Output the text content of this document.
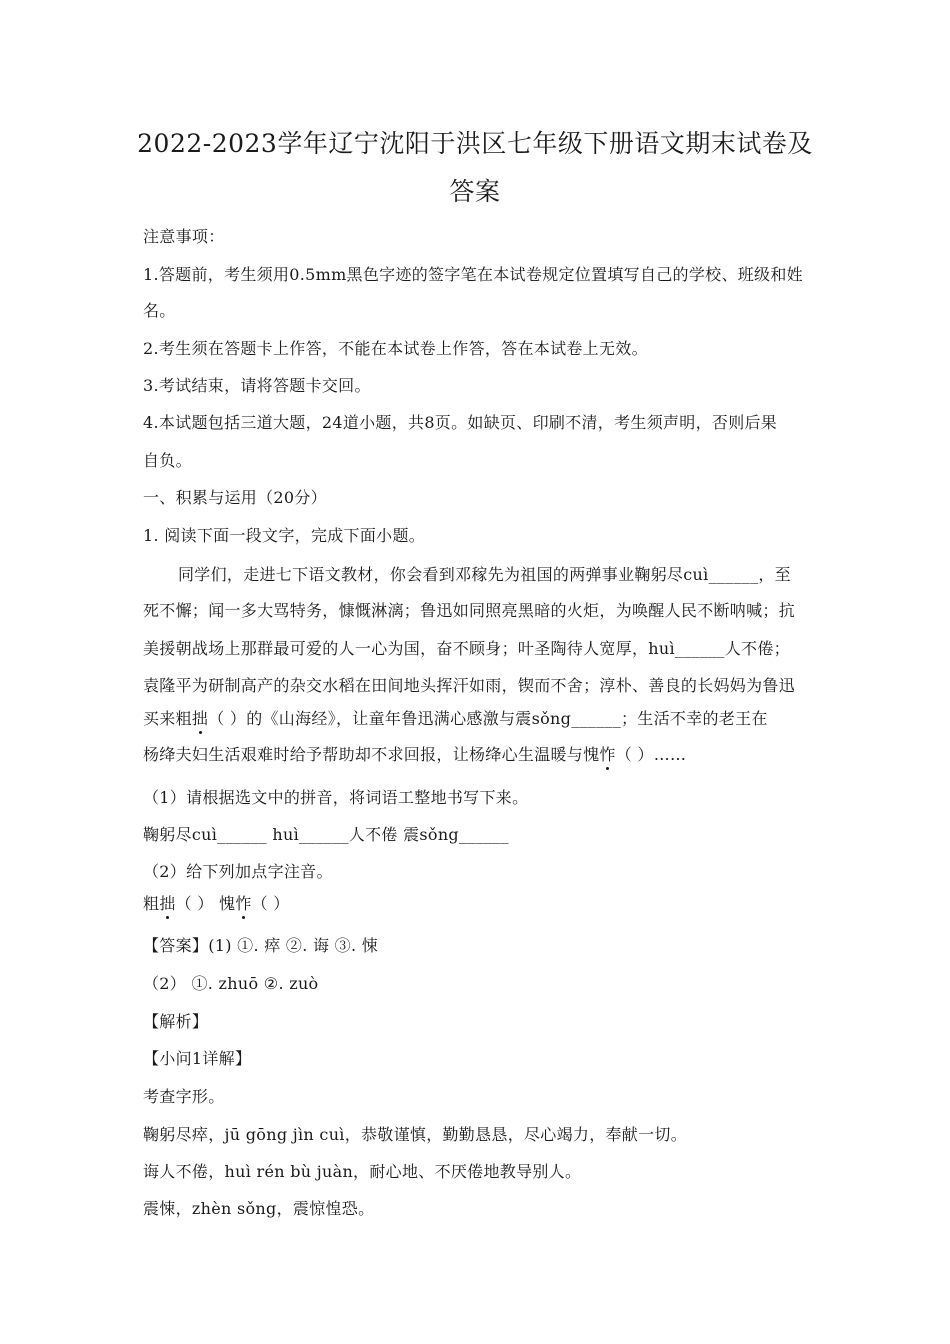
2022-2023学年辽宁沈阳于洪区七年级下册语文期末试卷及
答案
注意事项：
1.答题前，考生须用0.5mm黑色字迹的签字笔在本试卷规定位置填写自己的学校、班级和姓
名。
2.考生须在答题卡上作答，不能在本试卷上作答，答在本试卷上无效。
3.考试结束，请将答题卡交回。
4.本试题包括三道大题，24道小题，共8页。如缺页、印刷不清，考生须声明，否则后果
自负。
一、积累与运用（20分）
1. 阅读下面一段文字，完成下面小题。
同学们，走进七下语文教材，你会看到邓稼先为祖国的两弹事业鞠躬尽cuì______，至
死不懈；闻一多大骂特务，慷慨淋漓；鲁迅如同照亮黑暗的火炬，为唤醒人民不断呐喊；抗
美援朝战场上那群最可爱的人一心为国，奋不顾身；叶圣陶待人宽厚，huì______人不倦；
袁隆平为研制高产的杂交水稻在田间地头挥汗如雨，锲而不舍；淳朴、善良的长妈妈为鲁迅
买来粗拙（ ）的《山海经》，让童年鲁迅满心感激与震sǒng______；生活不幸的老王在
杨绛夫妇生活艰难时给予帮助却不求回报，让杨绛心生温暖与愧怍（ ）……
（1）请根据选文中的拼音，将词语工整地书写下来。
鞠躬尽cuì______ huì______人不倦 震sǒng______
（2）给下列加点字注音。
粗拙（ ） 愧怍（ ）
【答案】(1) ①. 瘁 ②. 诲 ③. 悚
（2） ①. zhuō ②. zuò
【解析】
【小问1详解】
考查字形。
鞠躬尽瘁，jū gōng jìn cuì，恭敬谨慎，勤勤恳恳，尽心竭力，奉献一切。
诲人不倦，huì rén bù juàn，耐心地、不厌倦地教导别人。
震悚，zhèn sǒng，震惊惶恐。
